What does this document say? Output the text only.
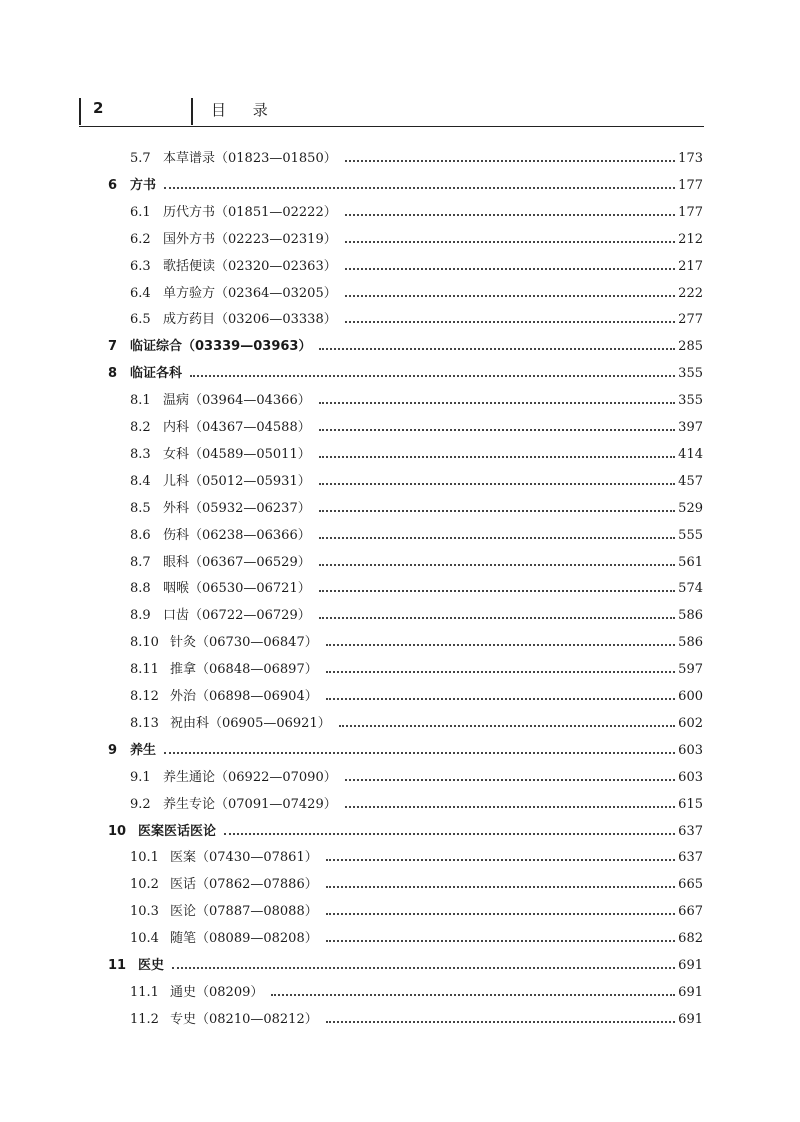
2	目 录
5.7 本草谱录（01823—01850）	173
6 方书	177
6.1 历代方书（01851—02222）	177
6.2 国外方书（02223—02319）	212
6.3 歌括便读（02320—02363）	217
6.4 单方验方（02364—03205）	222
6.5 成方药目（03206—03338）	277
7 临证综合（03339—03963）	285
8 临证各科	355
8.1 温病（03964—04366）	355
8.2 内科（04367—04588）	397
8.3 女科（04589—05011）	414
8.4 儿科（05012—05931）	457
8.5 外科（05932—06237）	529
8.6 伤科（06238—06366）	555
8.7 眼科（06367—06529）	561
8.8 咽喉（06530—06721）	574
8.9 口齿（06722—06729）	586
8.10 针灸（06730—06847）	586
8.11 推拿（06848—06897）	597
8.12 外治（06898—06904）	600
8.13 祝由科（06905—06921）	602
9 养生	603
9.1 养生通论（06922—07090）	603
9.2 养生专论（07091—07429）	615
10 医案医话医论	637
10.1 医案（07430—07861）	637
10.2 医话（07862—07886）	665
10.3 医论（07887—08088）	667
10.4 随笔（08089—08208）	682
11 医史	691
11.1 通史（08209）	691
11.2 专史（08210—08212）	691
